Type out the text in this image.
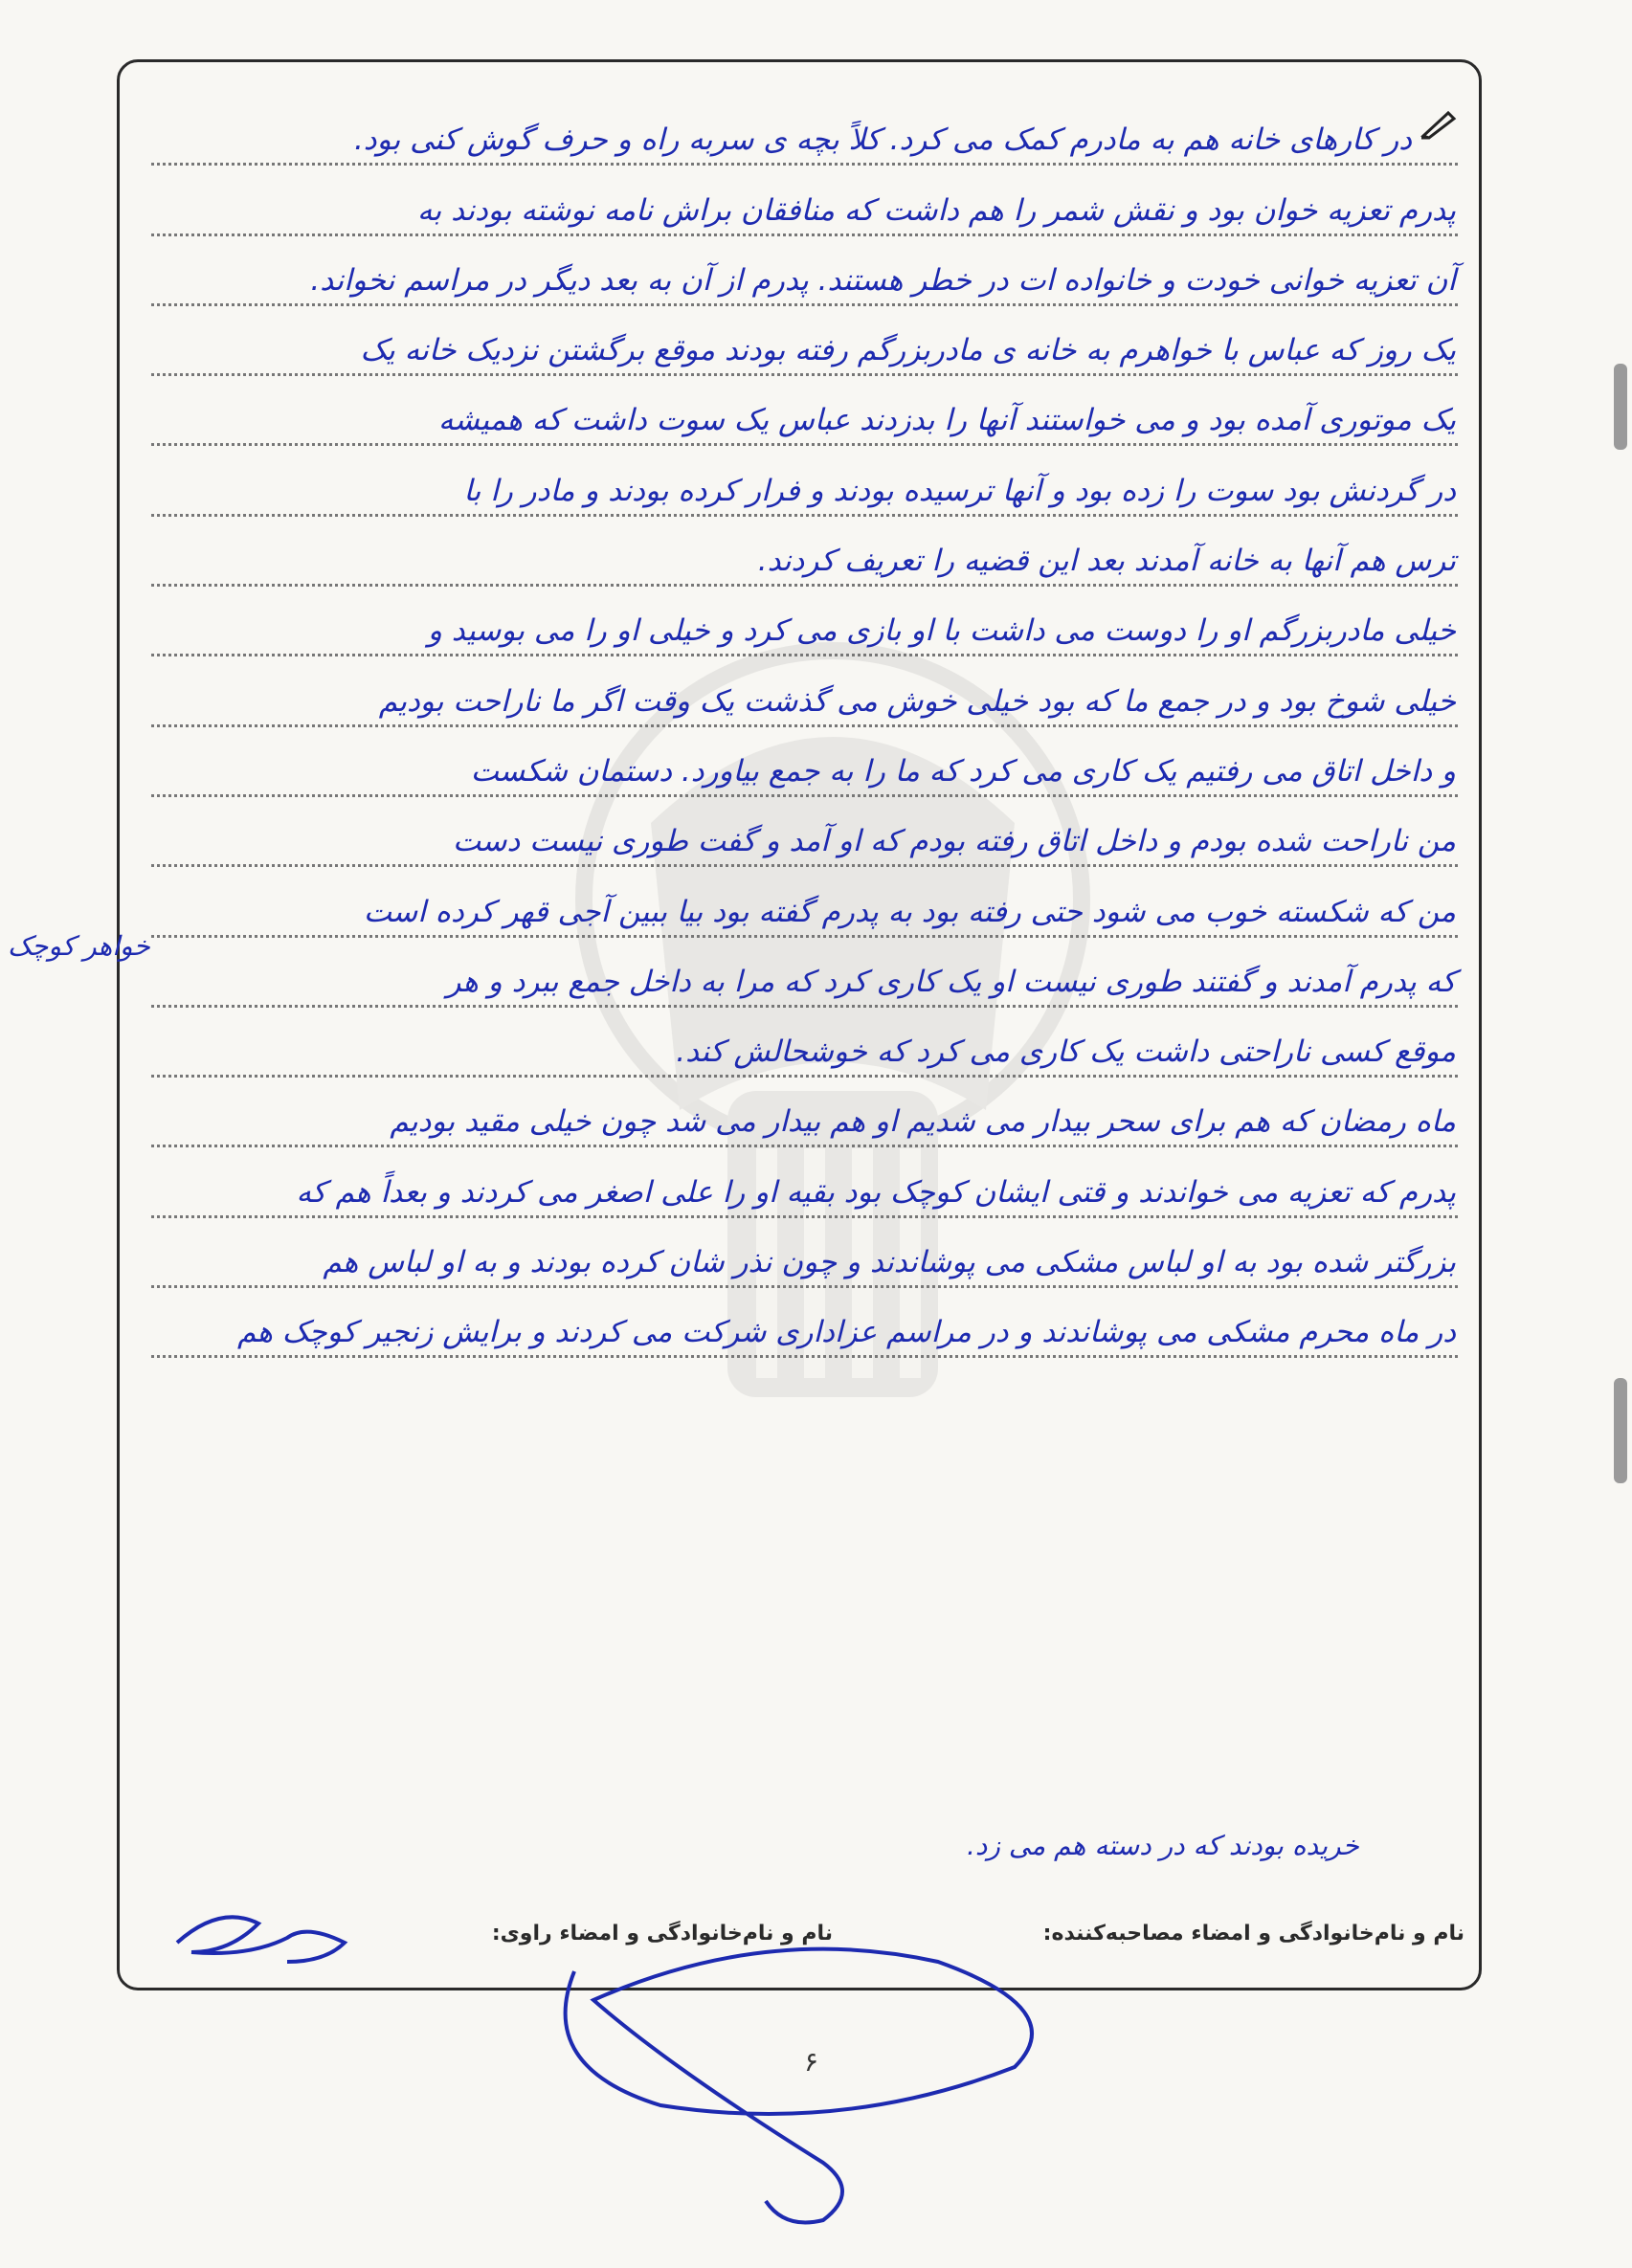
در کارهای خانه هم به مادرم کمک می کرد. کلاً بچه ی سربه راه و حرف گوش کنی بود.
پدرم تعزیه خوان بود و نقش شمر را هم داشت که منافقان براش نامه نوشته بودند به
آن تعزیه خوانی خودت و خانواده ات در خطر هستند. پدرم از آن به بعد دیگر در مراسم نخواند.
یک روز که عباس با خواهرم به خانه ی مادربزرگم رفته بودند موقع برگشتن نزدیک خانه یک
یک موتوری آمده بود و می خواستند آنها را بدزدند عباس یک سوت داشت که همیشه
در گردنش بود سوت را زده بود و آنها ترسیده بودند و فرار کرده بودند و مادر را با
ترس هم آنها به خانه آمدند بعد این قضیه را تعریف کردند.
خیلی مادربزرگم او را دوست می داشت با او بازی می کرد و خیلی او را می بوسید و
خیلی شوخ بود و در جمع ما که بود خیلی خوش می گذشت یک وقت اگر ما ناراحت بودیم
و داخل اتاق می رفتیم یک کاری می کرد که ما را به جمع بیاورد. دستمان شکست
من ناراحت شده بودم و داخل اتاق رفته بودم که او آمد و گفت طوری نیست دست
من که شکسته خوب می شود حتی رفته بود به پدرم گفته بود بیا ببین آجی قهر کرده است
که پدرم آمدند و گفتند طوری نیست او یک کاری کرد که مرا به داخل جمع ببرد و هر
موقع کسی ناراحتی داشت یک کاری می کرد که خوشحالش کند.
ماه رمضان که هم برای سحر بیدار می شدیم او هم بیدار می شد چون خیلی مقید بودیم
پدرم که تعزیه می خواندند و قتی ایشان کوچک بود بقیه او را علی اصغر می کردند و بعداً هم که
بزرگتر شده بود به او لباس مشکی می پوشاندند و چون نذر شان کرده بودند و به او لباس هم
در ماه محرم مشکی می پوشاندند و در مراسم عزاداری شرکت می کردند و برایش زنجیر کوچک هم
خواهر کوچک
خریده بودند که در دسته هم می زد.
نام و نام‌خانوادگی و امضاء مصاحبه‌کننده:
نام و نام‌خانوادگی و امضاء راوی:
۶
